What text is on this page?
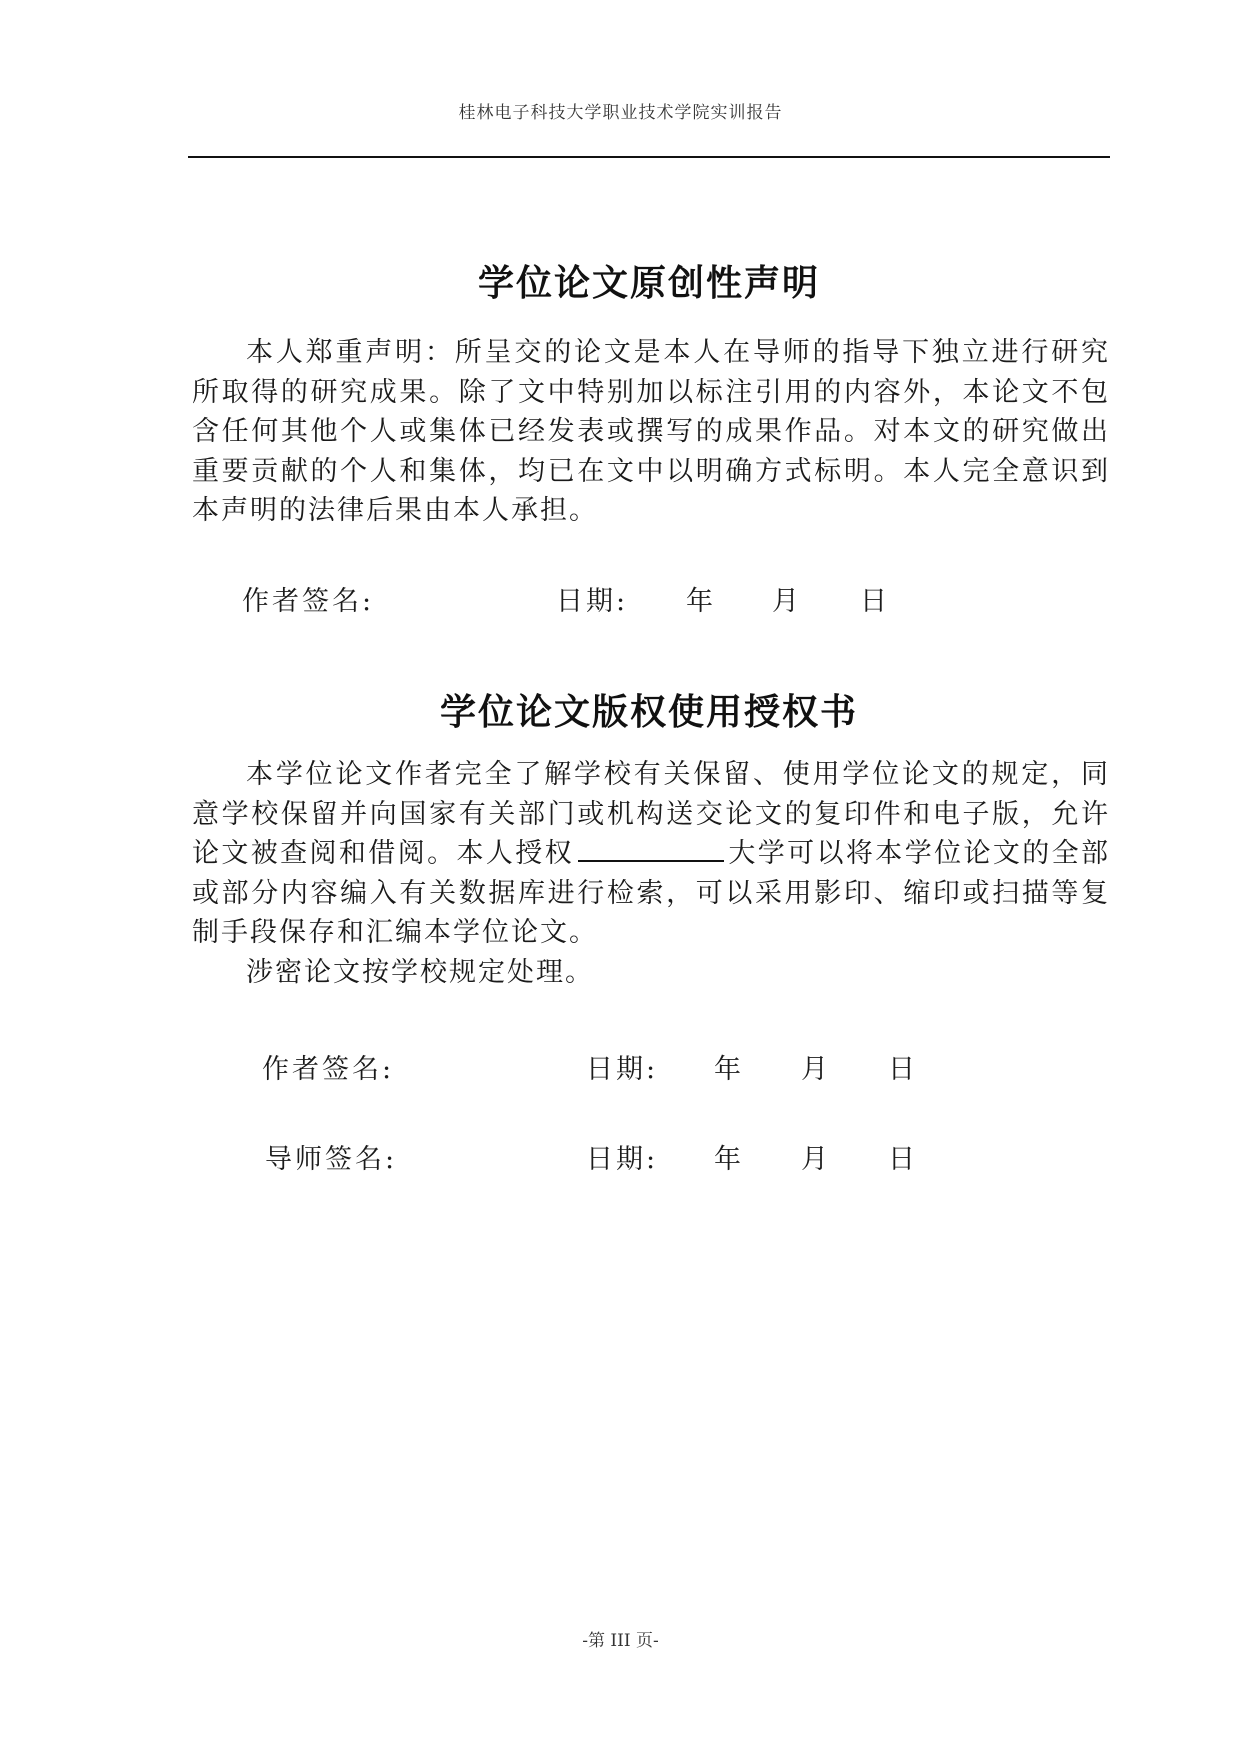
桂林电子科技大学职业技术学院实训报告
学位论文原创性声明

本人郑重声明：所呈交的论文是本人在导师的指导下独立进行研究所取得的研究成果。除了文中特别加以标注引用的内容外，本论文不包含任何其他个人或集体已经发表或撰写的成果作品。对本文的研究做出重要贡献的个人和集体，均已在文中以明确方式标明。本人完全意识到本声明的法律后果由本人承担。

作者签名:	日期: 年 月 日
学位论文版权使用授权书

本学位论文作者完全了解学校有关保留、使用学位论文的规定，同意学校保留并向国家有关部门或机构送交论文的复印件和电子版，允许论文被查阅和借阅。本人授权	大学可以将本学位论文的全部或部分内容编入有关数据库进行检索，可以采用影印、缩印或扫描等复制手段保存和汇编本学位论文。

涉密论文按学校规定处理。

作者签名:	日期: 年 月 日
导师签名:	日期: 年 月 日
-第 III 页-
